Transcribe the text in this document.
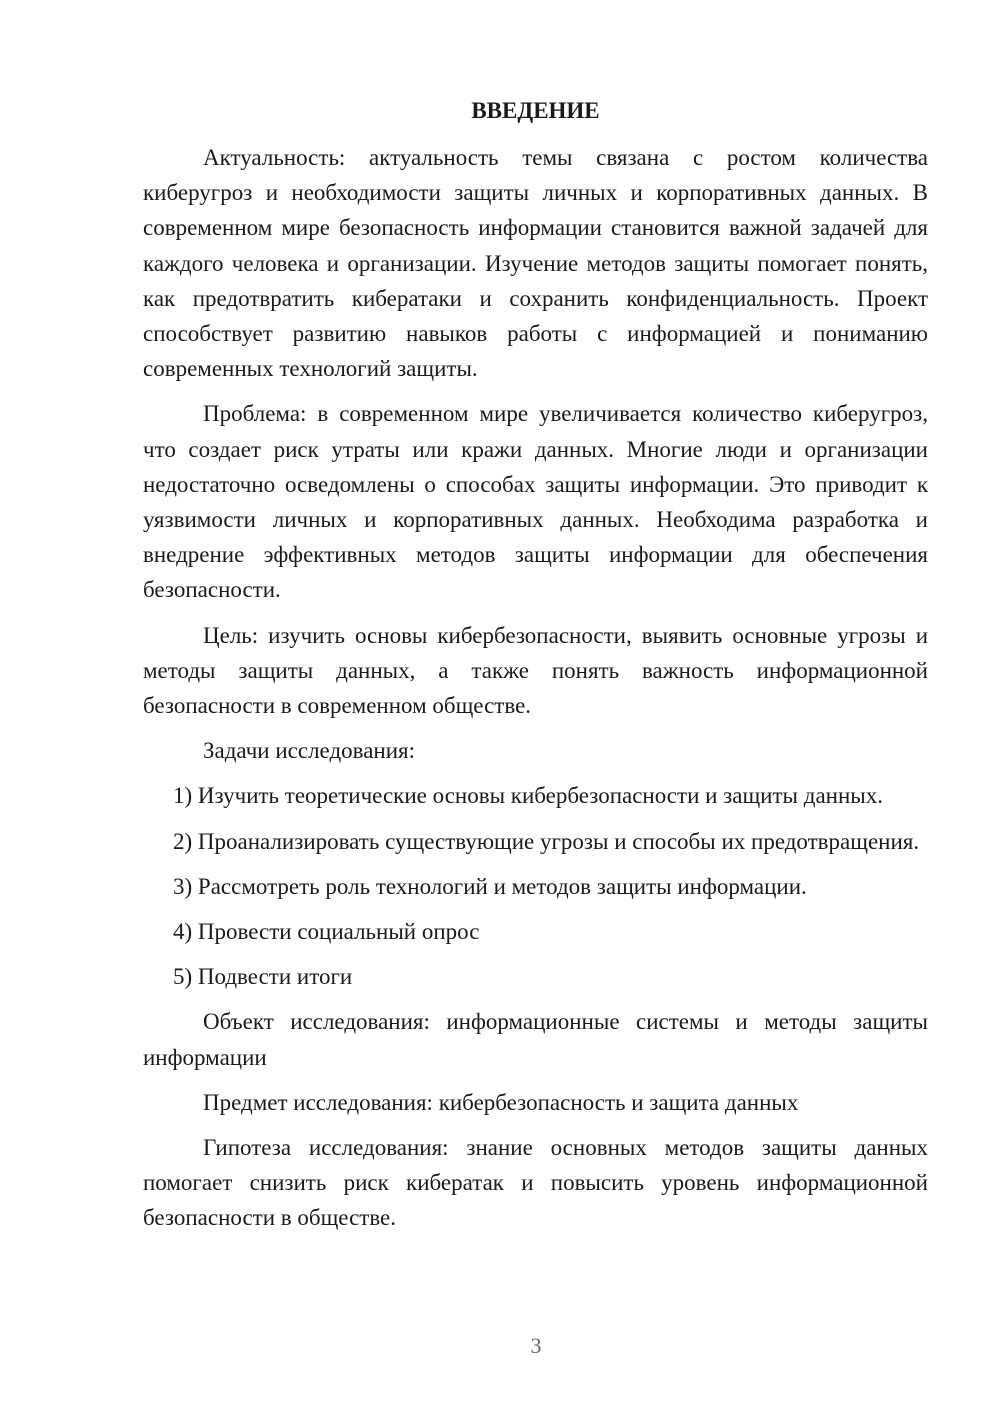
ВВЕДЕНИЕ

Актуальность: актуальность темы связана с ростом количества киберугроз и необходимости защиты личных и корпоративных данных. В современном мире безопасность информации становится важной задачей для каждого человека и организации. Изучение методов защиты помогает понять, как предотвратить кибератаки и сохранить конфиденциальность. Проект способствует развитию навыков работы с информацией и пониманию современных технологий защиты.

Проблема: в современном мире увеличивается количество киберугроз, что создает риск утраты или кражи данных. Многие люди и организации недостаточно осведомлены о способах защиты информации. Это приводит к уязвимости личных и корпоративных данных. Необходима разработка и внедрение эффективных методов защиты информации для обеспечения безопасности.

Цель: изучить основы кибербезопасности, выявить основные угрозы и методы защиты данных, а также понять важность информационной безопасности в современном обществе.

Задачи исследования:

1) Изучить теоретические основы кибербезопасности и защиты данных.

2) Проанализировать существующие угрозы и способы их предотвращения.

3) Рассмотреть роль технологий и методов защиты информации.

4) Провести социальный опрос

5) Подвести итоги

Объект исследования: информационные системы и методы защиты информации

Предмет исследования: кибербезопасность и защита данных

Гипотеза исследования: знание основных методов защиты данных помогает снизить риск кибератак и повысить уровень информационной безопасности в обществе.

3
